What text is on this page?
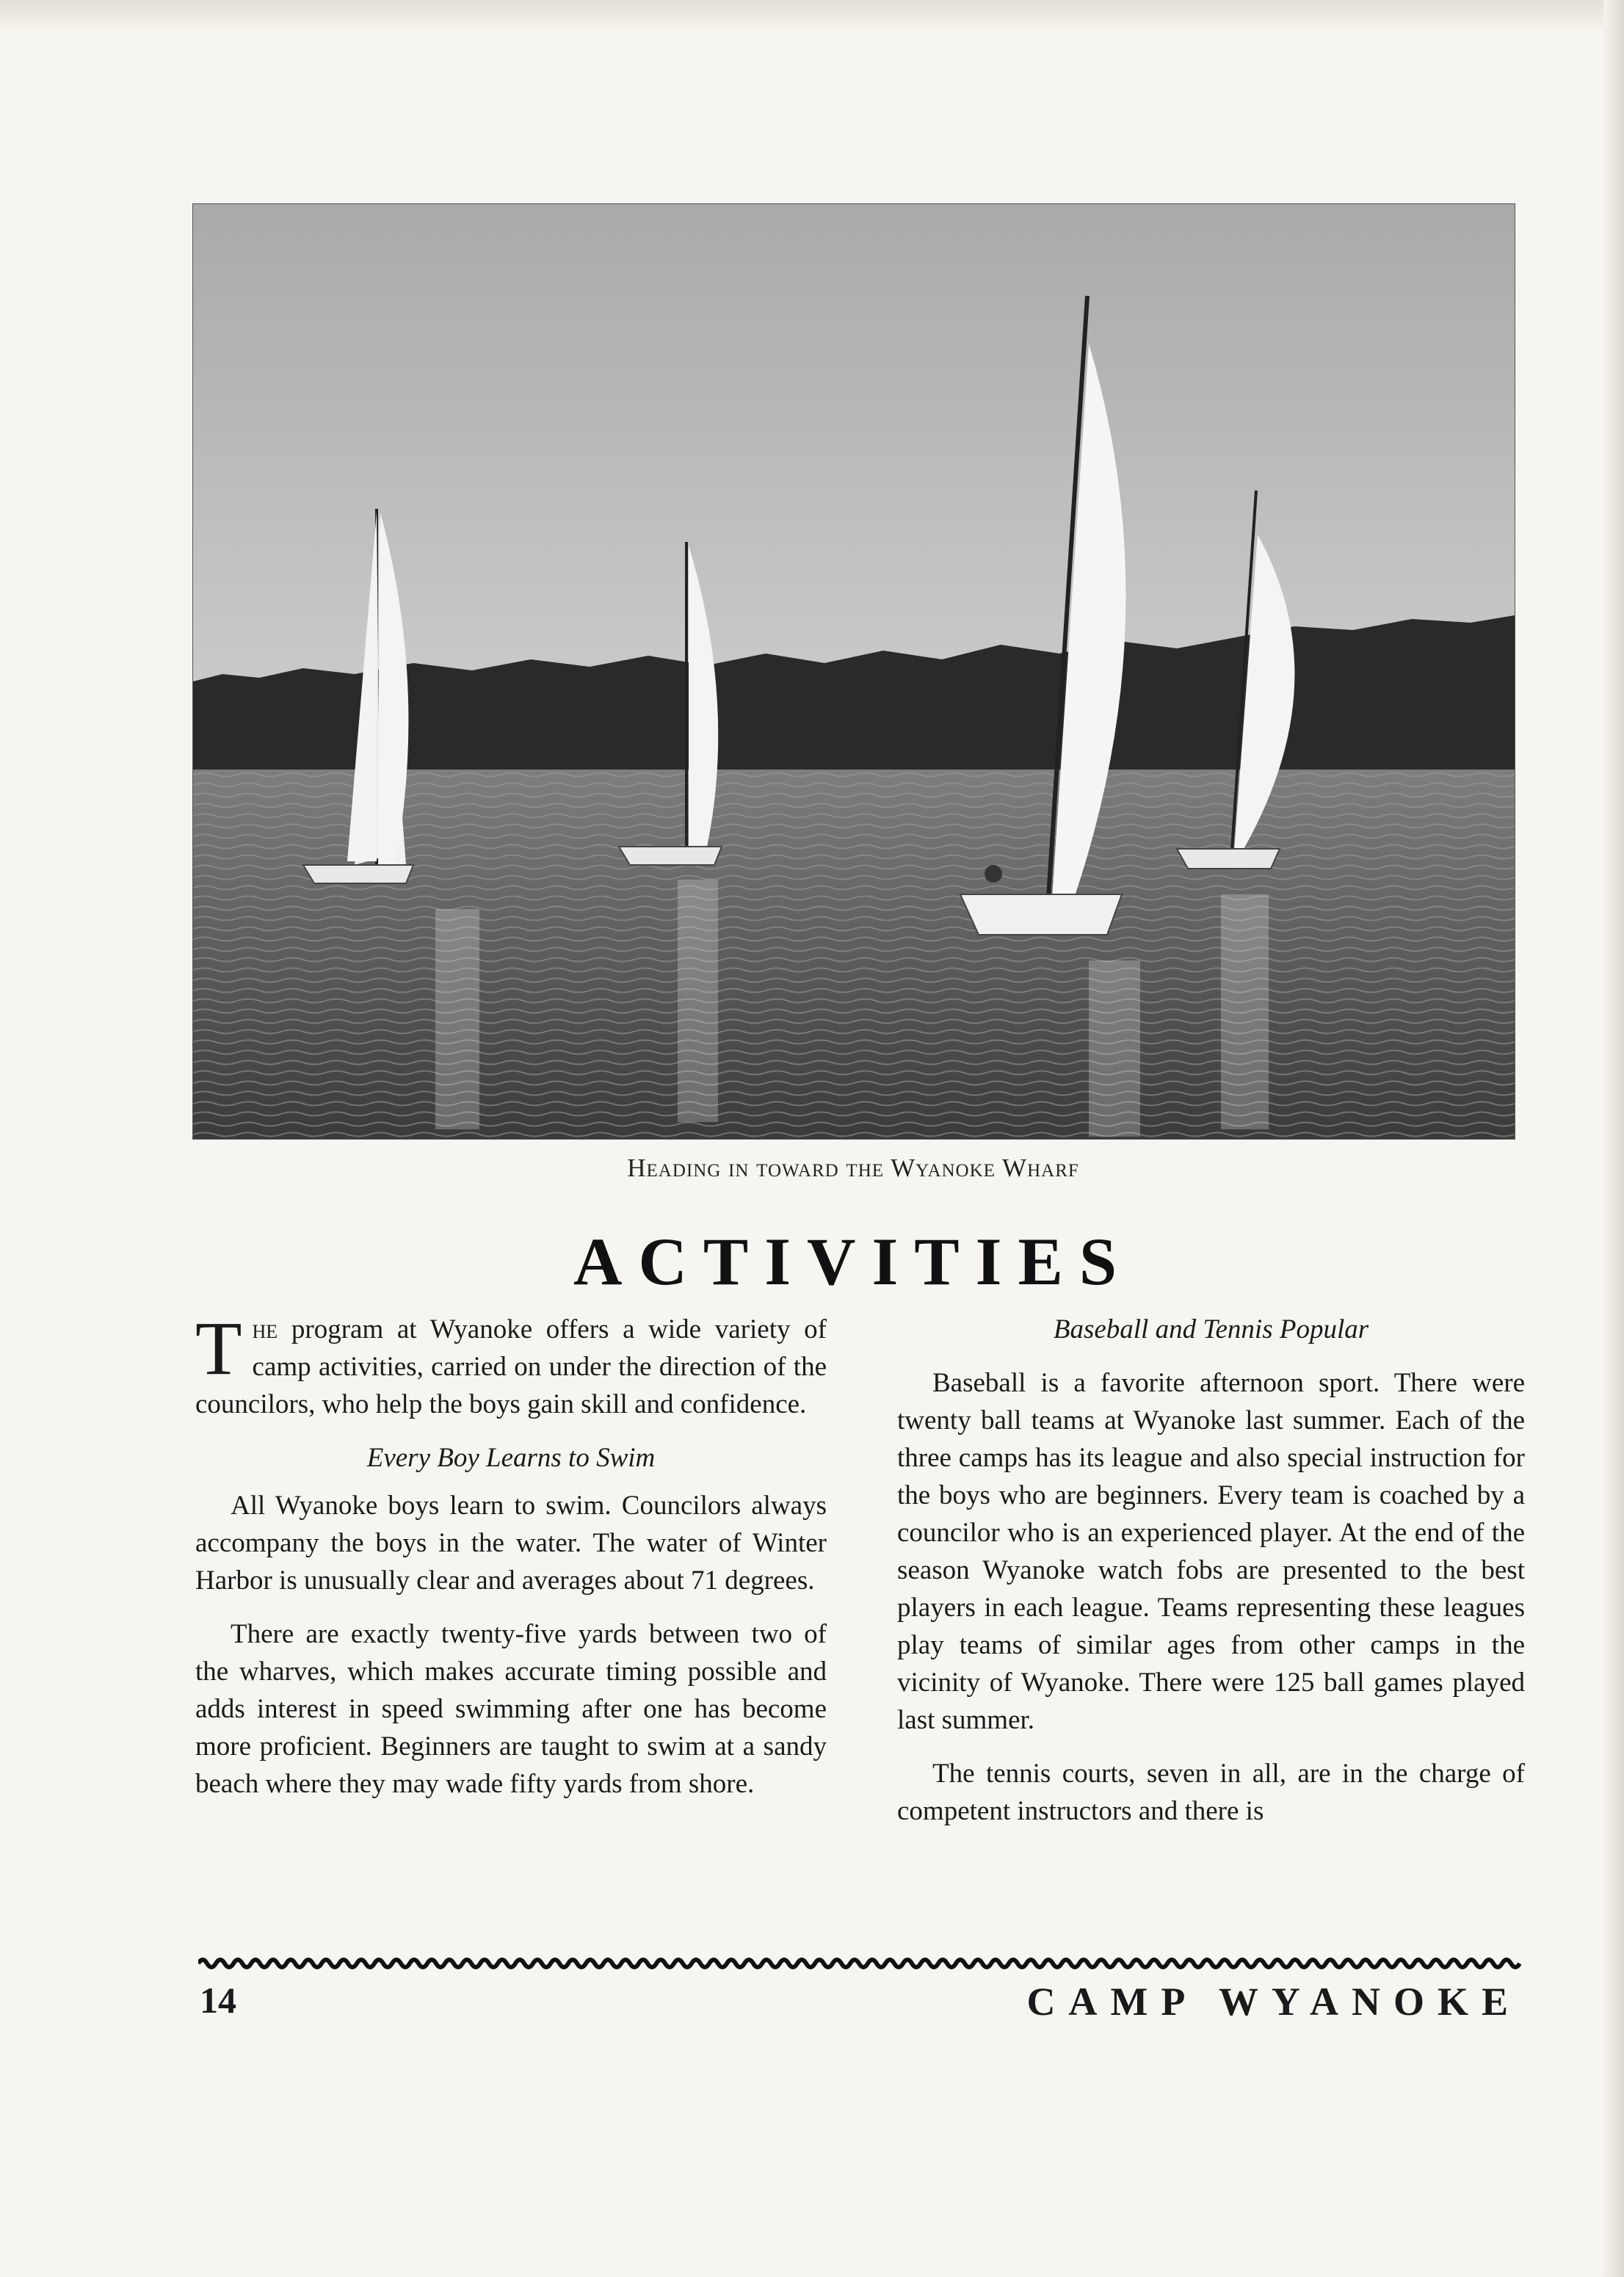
Heading in toward the Wyanoke Wharf
ACTIVITIES

The program at Wyanoke offers a wide variety of camp activities, carried on under the direction of the councilors, who help the boys gain skill and confidence.

Every Boy Learns to Swim

All Wyanoke boys learn to swim. Councilors always accompany the boys in the water. The water of Winter Harbor is unusually clear and averages about 71 degrees.

There are exactly twenty-five yards between two of the wharves, which makes accurate timing possible and adds interest in speed swimming after one has become more proficient. Beginners are taught to swim at a sandy beach where they may wade fifty yards from shore.

Baseball and Tennis Popular

Baseball is a favorite afternoon sport. There were twenty ball teams at Wyanoke last summer. Each of the three camps has its league and also special instruction for the boys who are beginners. Every team is coached by a councilor who is an experienced player. At the end of the season Wyanoke watch fobs are presented to the best players in each league. Teams representing these leagues play teams of similar ages from other camps in the vicinity of Wyanoke. There were 125 ball games played last summer.

The tennis courts, seven in all, are in the charge of competent instructors and there is

14	CAMP WYANOKE
